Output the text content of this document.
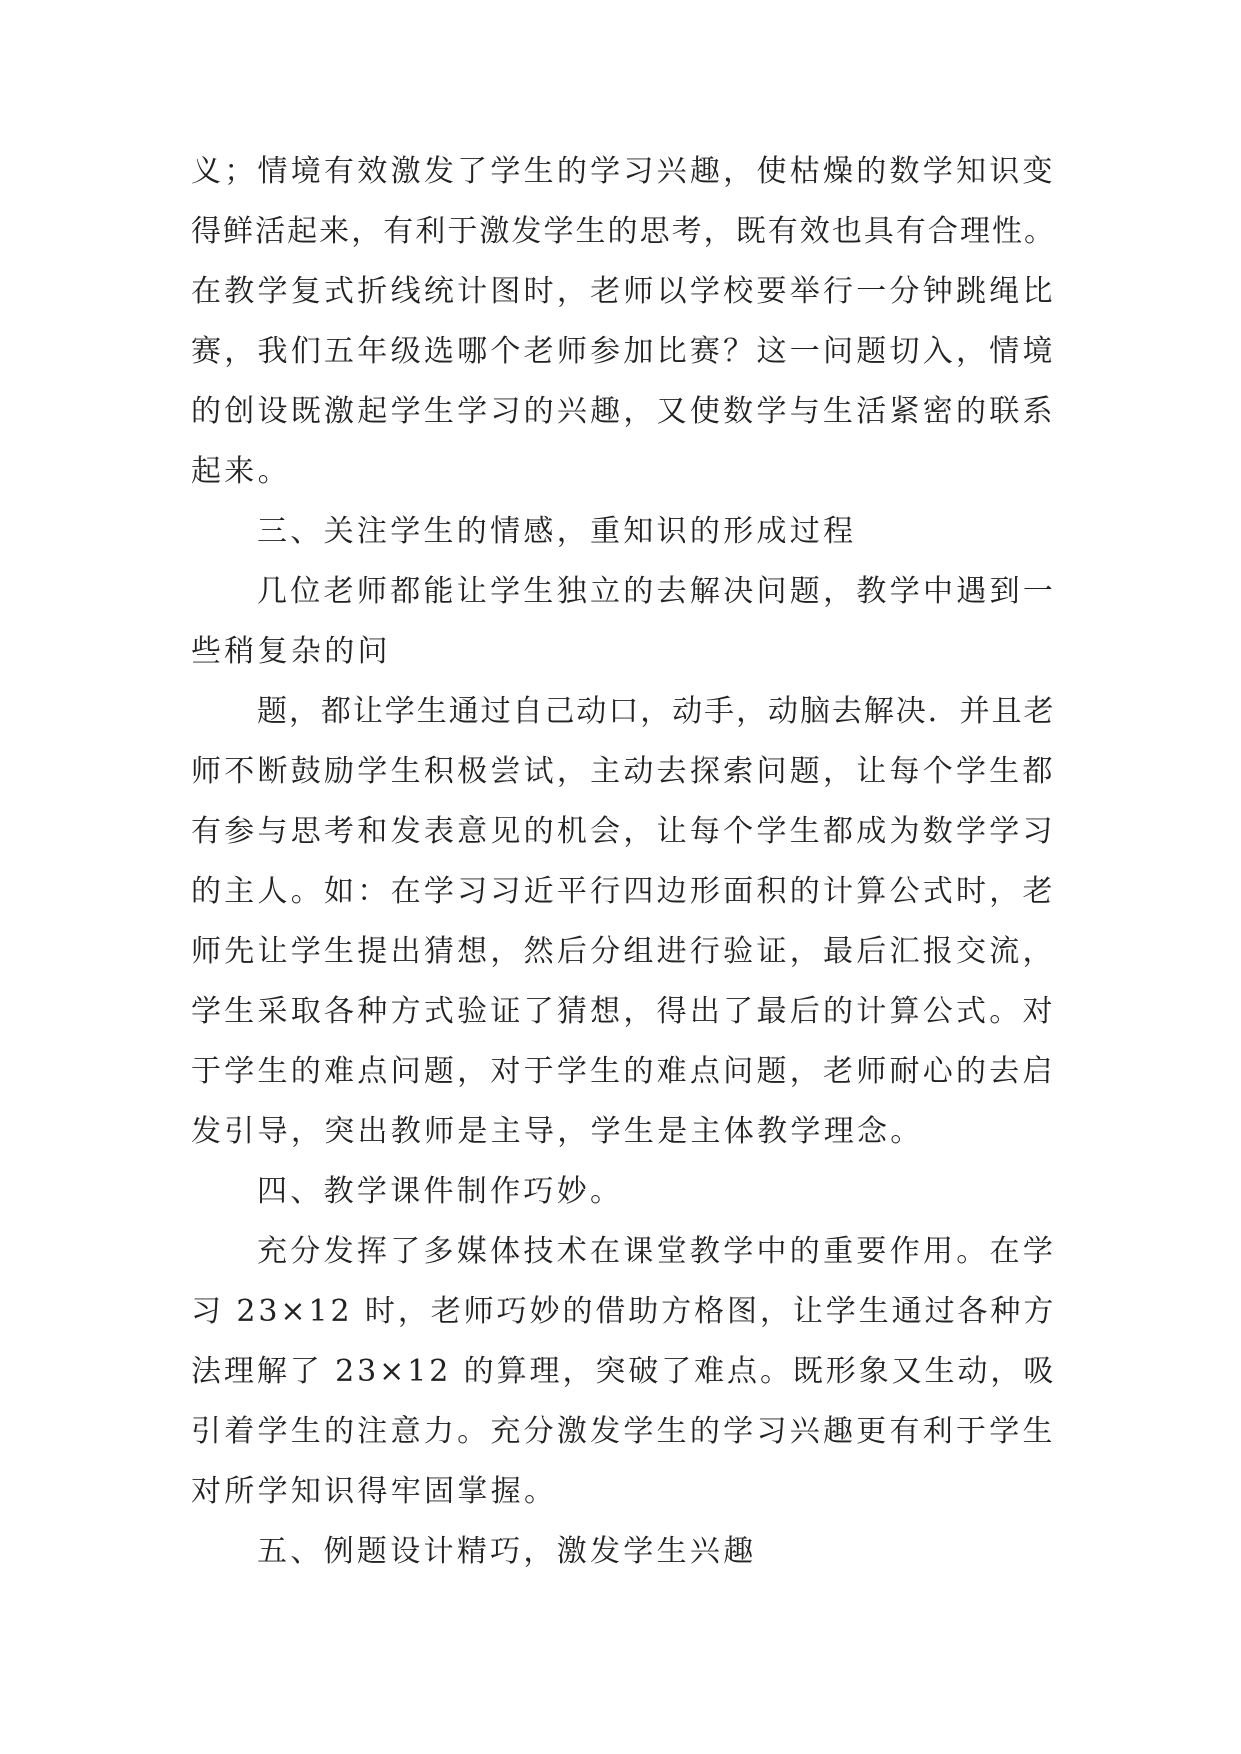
义；情境有效激发了学生的学习兴趣，使枯燥的数学知识变
得鲜活起来，有利于激发学生的思考，既有效也具有合理性。
在教学复式折线统计图时，老师以学校要举行一分钟跳绳比
赛，我们五年级选哪个老师参加比赛？这一问题切入，情境
的创设既激起学生学习的兴趣，又使数学与生活紧密的联系
起来。
三、关注学生的情感，重知识的形成过程
几位老师都能让学生独立的去解决问题，教学中遇到一
些稍复杂的问
题，都让学生通过自己动口，动手，动脑去解决．并且老
师不断鼓励学生积极尝试，主动去探索问题，让每个学生都
有参与思考和发表意见的机会，让每个学生都成为数学学习
的主人。如：在学习习近平行四边形面积的计算公式时，老
师先让学生提出猜想，然后分组进行验证，最后汇报交流，
学生采取各种方式验证了猜想，得出了最后的计算公式。对
于学生的难点问题，对于学生的难点问题，老师耐心的去启
发引导，突出教师是主导，学生是主体教学理念。
四、教学课件制作巧妙。
充分发挥了多媒体技术在课堂教学中的重要作用。在学
习 23×12 时，老师巧妙的借助方格图，让学生通过各种方
法理解了 23×12 的算理，突破了难点。既形象又生动，吸
引着学生的注意力。充分激发学生的学习兴趣更有利于学生
对所学知识得牢固掌握。
五、例题设计精巧，激发学生兴趣
